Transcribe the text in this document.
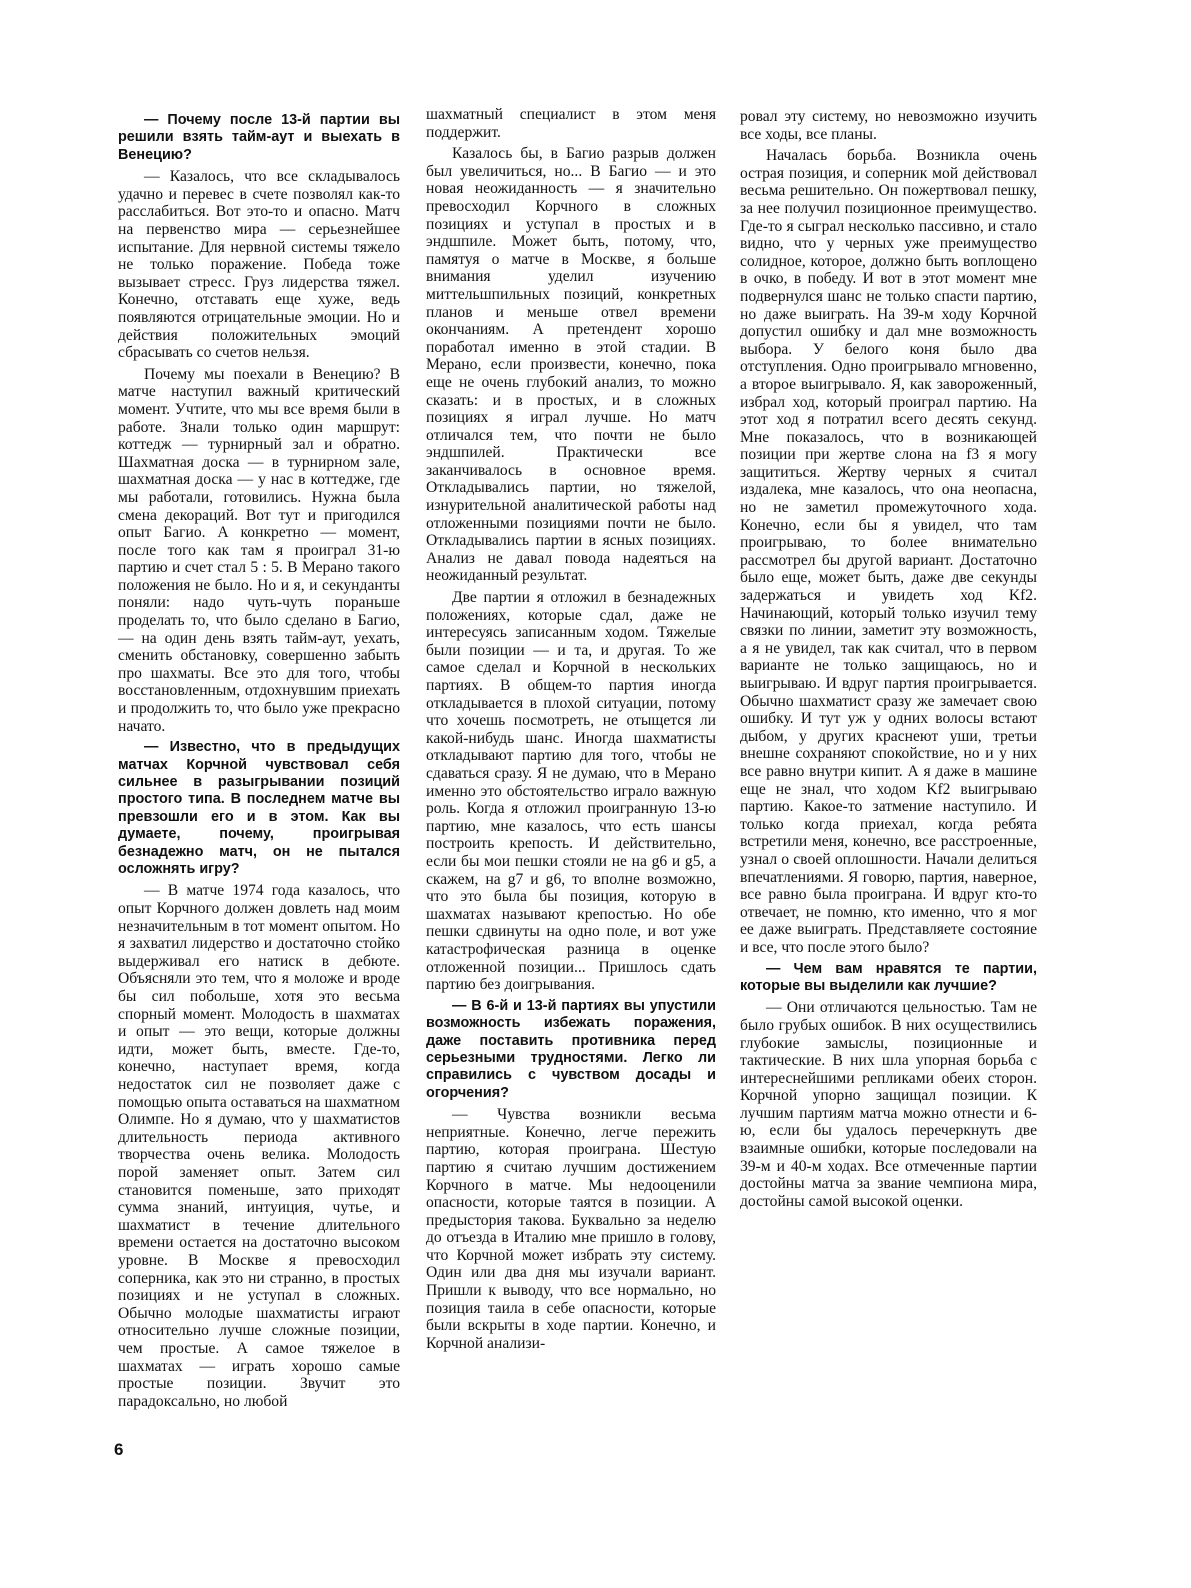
— Почему после 13-й партии вы решили взять тайм-аут и выехать в Венецию?

— Казалось, что все складывалось удачно и перевес в счете позволял как-то расслабиться. Вот это-то и опасно. Матч на первенство мира — серьезнейшее испытание. Для нервной системы тяжело не только поражение. Победа тоже вызывает стресс. Груз лидерства тяжел. Конечно, отставать еще хуже, ведь появляются отрицательные эмоции. Но и действия положительных эмоций сбрасывать со счетов нельзя.

Почему мы поехали в Венецию? В матче наступил важный критический момент. Учтите, что мы все время были в работе. Знали только один маршрут: коттедж — турнирный зал и обратно. Шахматная доска — в турнирном зале, шахматная доска — у нас в коттедже, где мы работали, готовились. Нужна была смена декораций. Вот тут и пригодился опыт Багио. А конкретно — момент, после того как там я проиграл 31-ю партию и счет стал 5 : 5. В Мерано такого положения не было. Но и я, и секунданты поняли: надо чуть-чуть пораньше проделать то, что было сделано в Багио, — на один день взять тайм-аут, уехать, сменить обстановку, совершенно забыть про шахматы. Все это для того, чтобы восстановленным, отдохнувшим приехать и продолжить то, что было уже прекрасно начато.

— Известно, что в предыдущих матчах Корчной чувствовал себя сильнее в разыгрывании позиций простого типа. В последнем матче вы превзошли его и в этом. Как вы думаете, почему, проигрывая безнадежно матч, он не пытался осложнять игру?

— В матче 1974 года казалось, что опыт Корчного должен довлеть над моим незначительным в тот момент опытом. Но я захватил лидерство и достаточно стойко выдерживал его натиск в дебюте. Объясняли это тем, что я моложе и вроде бы сил побольше, хотя это весьма спорный момент. Молодость в шахматах и опыт — это вещи, которые должны идти, может быть, вместе. Где-то, конечно, наступает время, когда недостаток сил не позволяет даже с помощью опыта оставаться на шахматном Олимпе. Но я думаю, что у шахматистов длительность периода активного творчества очень велика. Молодость порой заменяет опыт. Затем сил становится поменьше, зато приходят сумма знаний, интуиция, чутье, и шахматист в течение длительного времени остается на достаточно высоком уровне. В Москве я превосходил соперника, как это ни странно, в простых позициях и не уступал в сложных. Обычно молодые шахматисты играют относительно лучше сложные позиции, чем простые. А самое тяжелое в шахматах — играть хорошо самые простые позиции. Звучит это парадоксально, но любой

шахматный специалист в этом меня поддержит.

Казалось бы, в Багио разрыв должен был увеличиться, но... В Багио — и это новая неожиданность — я значительно превосходил Корчного в сложных позициях и уступал в простых и в эндшпиле. Может быть, потому, что, памятуя о матче в Москве, я больше внимания уделил изучению миттельшпильных позиций, конкретных планов и меньше отвел времени окончаниям. А претендент хорошо поработал именно в этой стадии. В Мерано, если произвести, конечно, пока еще не очень глубокий анализ, то можно сказать: и в простых, и в сложных позициях я играл лучше. Но матч отличался тем, что почти не было эндшпилей. Практически все заканчивалось в основное время. Откладывались партии, но тяжелой, изнурительной аналитической работы над отложенными позициями почти не было. Откладывались партии в ясных позициях. Анализ не давал повода надеяться на неожиданный результат.

Две партии я отложил в безнадежных положениях, которые сдал, даже не интересуясь записанным ходом. Тяжелые были позиции — и та, и другая. То же самое сделал и Корчной в нескольких партиях. В общем-то партия иногда откладывается в плохой ситуации, потому что хочешь посмотреть, не отыщется ли какой-нибудь шанс. Иногда шахматисты откладывают партию для того, чтобы не сдаваться сразу. Я не думаю, что в Мерано именно это обстоятельство играло важную роль. Когда я отложил проигранную 13-ю партию, мне казалось, что есть шансы построить крепость. И действительно, если бы мои пешки стояли не на g6 и g5, а скажем, на g7 и g6, то вполне возможно, что это была бы позиция, которую в шахматах называют крепостью. Но обе пешки сдвинуты на одно поле, и вот уже катастрофическая разница в оценке отложенной позиции... Пришлось сдать партию без доигрывания.

— В 6-й и 13-й партиях вы упустили возможность избежать поражения, даже поставить противника перед серьезными трудностями. Легко ли справились с чувством досады и огорчения?

— Чувства возникли весьма неприятные. Конечно, легче пережить партию, которая проиграна. Шестую партию я считаю лучшим достижением Корчного в матче. Мы недооценили опасности, которые таятся в позиции. А предыстория такова. Буквально за неделю до отъезда в Италию мне пришло в голову, что Корчной может избрать эту систему. Один или два дня мы изучали вариант. Пришли к выводу, что все нормально, но позиция таила в себе опасности, которые были вскрыты в ходе партии. Конечно, и Корчной анализи-

ровал эту систему, но невозможно изучить все ходы, все планы.

Началась борьба. Возникла очень острая позиция, и соперник мой действовал весьма решительно. Он пожертвовал пешку, за нее получил позиционное преимущество. Где-то я сыграл несколько пассивно, и стало видно, что у черных уже преимущество солидное, которое, должно быть воплощено в очко, в победу. И вот в этот момент мне подвернулся шанс не только спасти партию, но даже выиграть. На 39-м ходу Корчной допустил ошибку и дал мне возможность выбора. У белого коня было два отступления. Одно проигрывало мгновенно, а второе выигрывало. Я, как завороженный, избрал ход, который проиграл партию. На этот ход я потратил всего десять секунд. Мне показалось, что в возникающей позиции при жертве слона на f3 я могу защититься. Жертву черных я считал издалека, мне казалось, что она неопасна, но не заметил промежуточного хода. Конечно, если бы я увидел, что там проигрываю, то более внимательно рассмотрел бы другой вариант. Достаточно было еще, может быть, даже две секунды задержаться и увидеть ход Kf2. Начинающий, который только изучил тему связки по линии, заметит эту возможность, а я не увидел, так как считал, что в первом варианте не только защищаюсь, но и выигрываю. И вдруг партия проигрывается. Обычно шахматист сразу же замечает свою ошибку. И тут уж у одних волосы встают дыбом, у других краснеют уши, третьи внешне сохраняют спокойствие, но и у них все равно внутри кипит. А я даже в машине еще не знал, что ходом Kf2 выигрываю партию. Какое-то затмение наступило. И только когда приехал, когда ребята встретили меня, конечно, все расстроенные, узнал о своей оплошности. Начали делиться впечатлениями. Я говорю, партия, наверное, все равно была проиграна. И вдруг кто-то отвечает, не помню, кто именно, что я мог ее даже выиграть. Представляете состояние и все, что после этого было?

— Чем вам нравятся те партии, которые вы выделили как лучшие?

— Они отличаются цельностью. Там не было грубых ошибок. В них осуществились глубокие замыслы, позиционные и тактические. В них шла упорная борьба с интереснейшими репликами обеих сторон. Корчной упорно защищал позиции. К лучшим партиям матча можно отнести и 6-ю, если бы удалось перечеркнуть две взаимные ошибки, которые последовали на 39-м и 40-м ходах. Все отмеченные партии достойны матча за звание чемпиона мира, достойны самой высокой оценки.

6
